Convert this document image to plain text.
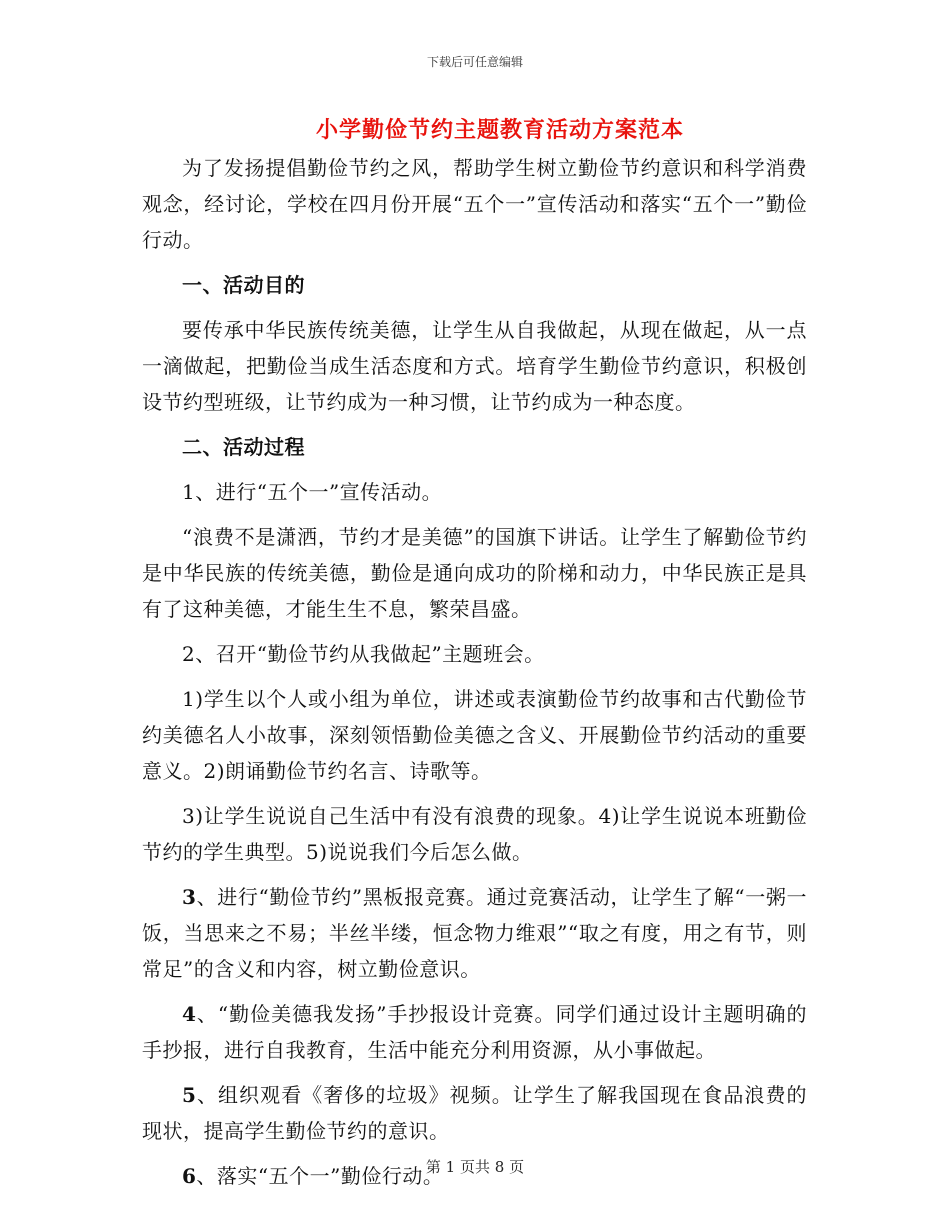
下载后可任意编辑
小学勤俭节约主题教育活动方案范本

为了发扬提倡勤俭节约之风，帮助学生树立勤俭节约意识和科学消费观念，经讨论，学校在四月份开展“五个一”宣传活动和落实“五个一”勤俭行动。

一、活动目的

要传承中华民族传统美德，让学生从自我做起，从现在做起，从一点一滴做起，把勤俭当成生活态度和方式。培育学生勤俭节约意识，积极创设节约型班级，让节约成为一种习惯，让节约成为一种态度。

二、活动过程

1、进行“五个一”宣传活动。

“浪费不是潇洒，节约才是美德”的国旗下讲话。让学生了解勤俭节约是中华民族的传统美德，勤俭是通向成功的阶梯和动力，中华民族正是具有了这种美德，才能生生不息，繁荣昌盛。

2、召开“勤俭节约从我做起”主题班会。

1)学生以个人或小组为单位，讲述或表演勤俭节约故事和古代勤俭节约美德名人小故事，深刻领悟勤俭美德之含义、开展勤俭节约活动的重要意义。2)朗诵勤俭节约名言、诗歌等。

3)让学生说说自己生活中有没有浪费的现象。4)让学生说说本班勤俭节约的学生典型。5)说说我们今后怎么做。

3、进行“勤俭节约”黑板报竞赛。通过竞赛活动，让学生了解“一粥一饭，当思来之不易；半丝半缕，恒念物力维艰”“取之有度，用之有节，则常足”的含义和内容，树立勤俭意识。

4、“勤俭美德我发扬”手抄报设计竞赛。同学们通过设计主题明确的手抄报，进行自我教育，生活中能充分利用资源，从小事做起。

5、组织观看《奢侈的垃圾》视频。让学生了解我国现在食品浪费的现状，提高学生勤俭节约的意识。

6、落实“五个一”勤俭行动。

第 1 页共 8 页
